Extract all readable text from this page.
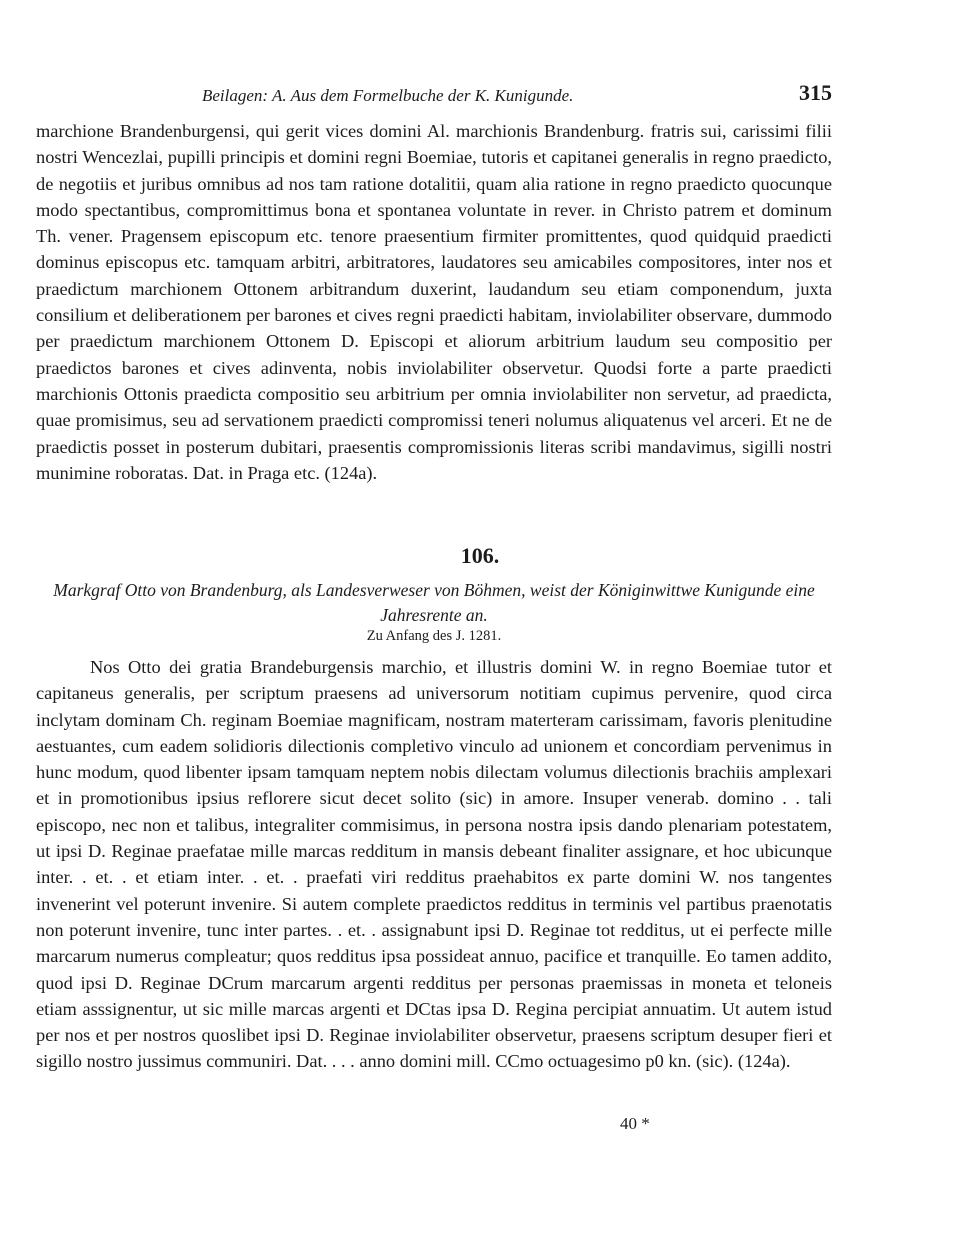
Beilagen: A. Aus dem Formelbuche der K. Kunigunde.	315

marchione Brandenburgensi, qui gerit vices domini Al. marchionis Brandenburg. fratris sui, carissimi filii nostri Wencezlai, pupilli principis et domini regni Boemiae, tutoris et capitanei generalis in regno praedicto, de negotiis et juribus omnibus ad nos tam ratione dotalitii, quam alia ratione in regno praedicto quocunque modo spectantibus, compromittimus bona et spontanea voluntate in rever. in Christo patrem et dominum Th. vener. Pragensem episcopum etc. tenore praesentium firmiter promittentes, quod quidquid praedicti dominus episcopus etc. tamquam arbitri, arbitratores, laudatores seu amicabiles compositores, inter nos et praedictum marchionem Ottonem arbitrandum duxerint, laudandum seu etiam componendum, juxta consilium et deliberationem per barones et cives regni praedicti habitam, inviolabiliter observare, dummodo per praedictum marchionem Ottonem D. Episcopi et aliorum arbitrium laudum seu compositio per praedictos barones et cives adinventa, nobis inviolabiliter observetur. Quodsi forte a parte praedicti marchionis Ottonis praedicta compositio seu arbitrium per omnia inviolabiliter non servetur, ad praedicta, quae promisimus, seu ad servationem praedicti compromissi teneri nolumus aliquatenus vel arceri. Et ne de praedictis posset in posterum dubitari, praesentis compromissionis literas scribi mandavimus, sigilli nostri munimine roboratas. Dat. in Praga etc. (124a).

106.
Markgraf Otto von Brandenburg, als Landesverweser von Böhmen, weist der Königinwittwe Kunigunde eine Jahresrente an.
Zu Anfang des J. 1281.

Nos Otto dei gratia Brandeburgensis marchio, et illustris domini W. in regno Boemiae tutor et capitaneus generalis, per scriptum praesens ad universorum notitiam cupimus pervenire, quod circa inclytam dominam Ch. reginam Boemiae magnificam, nostram materteram carissimam, favoris plenitudine aestuantes, cum eadem solidioris dilectionis completivo vinculo ad unionem et concordiam pervenimus in hunc modum, quod libenter ipsam tamquam neptem nobis dilectam volumus dilectionis brachiis amplexari et in promotionibus ipsius reflorere sicut decet solito (sic) in amore. Insuper venerab. domino . . tali episcopo, nec non et talibus, integraliter commisimus, in persona nostra ipsis dando plenariam potestatem, ut ipsi D. Reginae praefatae mille marcas redditum in mansis debeant finaliter assignare, et hoc ubicunque inter. . et. . et etiam inter. . et. . praefati viri redditus praehabitos ex parte domini W. nos tangentes invenerint vel poterunt invenire. Si autem complete praedictos redditus in terminis vel partibus praenotatis non poterunt invenire, tunc inter partes. . et. . assignabunt ipsi D. Reginae tot redditus, ut ei perfecte mille marcarum numerus compleatur; quos redditus ipsa possideat annuo, pacifice et tranquille. Eo tamen addito, quod ipsi D. Reginae DCrum marcarum argenti redditus per personas praemissas in moneta et teloneis etiam asssignentur, ut sic mille marcas argenti et DCtas ipsa D. Regina percipiat annuatim. Ut autem istud per nos et per nostros quoslibet ipsi D. Reginae inviolabiliter observetur, praesens scriptum desuper fieri et sigillo nostro jussimus communiri. Dat. . . . anno domini mill. CCmo octuagesimo p0 kn. (sic). (124a).

40 *
